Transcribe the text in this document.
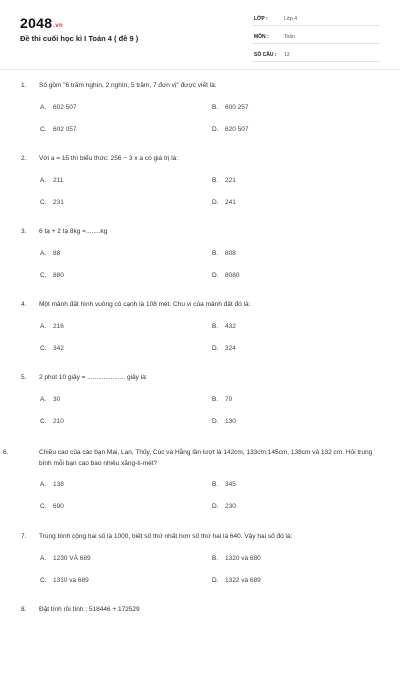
2048.vn
Đề thi cuối học kì I Toán 4 ( đề 9 )
LỚP :	Lớp 4
MÔN :	Toán
SỐ CÂU : 13
1. Số gồm "6 trăm nghìn, 2 nghìn, 5 trăm, 7 đơn vị" được viết là:
A. 602 507	B. 600 257
C. 602 057	D. 620 507
2. Với a = 15 thì biểu thức: 256 − 3 x a có giá trị là:
A. 211	B. 221
C. 231	D. 241
3. 6 tạ + 2 tạ 8kg =........kg
A. 88	B. 808
C. 880	D. 8080
4. Một mảnh đất hình vuông có cạnh là 108 mét. Chu vi của mảnh đất đó là:
A. 216	B. 432
C. 342	D. 324
5. 2 phút 10 giây = ..................... giây là:
A. 30	B. 70
C. 210	D. 130
6.	Chiều cao của các bạn Mai, Lan, Thủy, Cúc và Hằng lần lượt là 142cm, 133cm,145cm, 138cm và 132 cm. Hỏi trung bình mỗi bạn cao bao nhiêu xăng-ti-mét?
A. 138	B. 345
C. 690	D. 230
7. Trung bình cộng hai số là 1000, biết số thứ nhất hơn số thứ hai là 640. Vậy hai số đó là:
A. 1230 VÀ 689	B. 1320 và 680
C. 1310 và 689	D. 1322 và 689
8. Đặt tính rồi tính : 518446 + 172529
